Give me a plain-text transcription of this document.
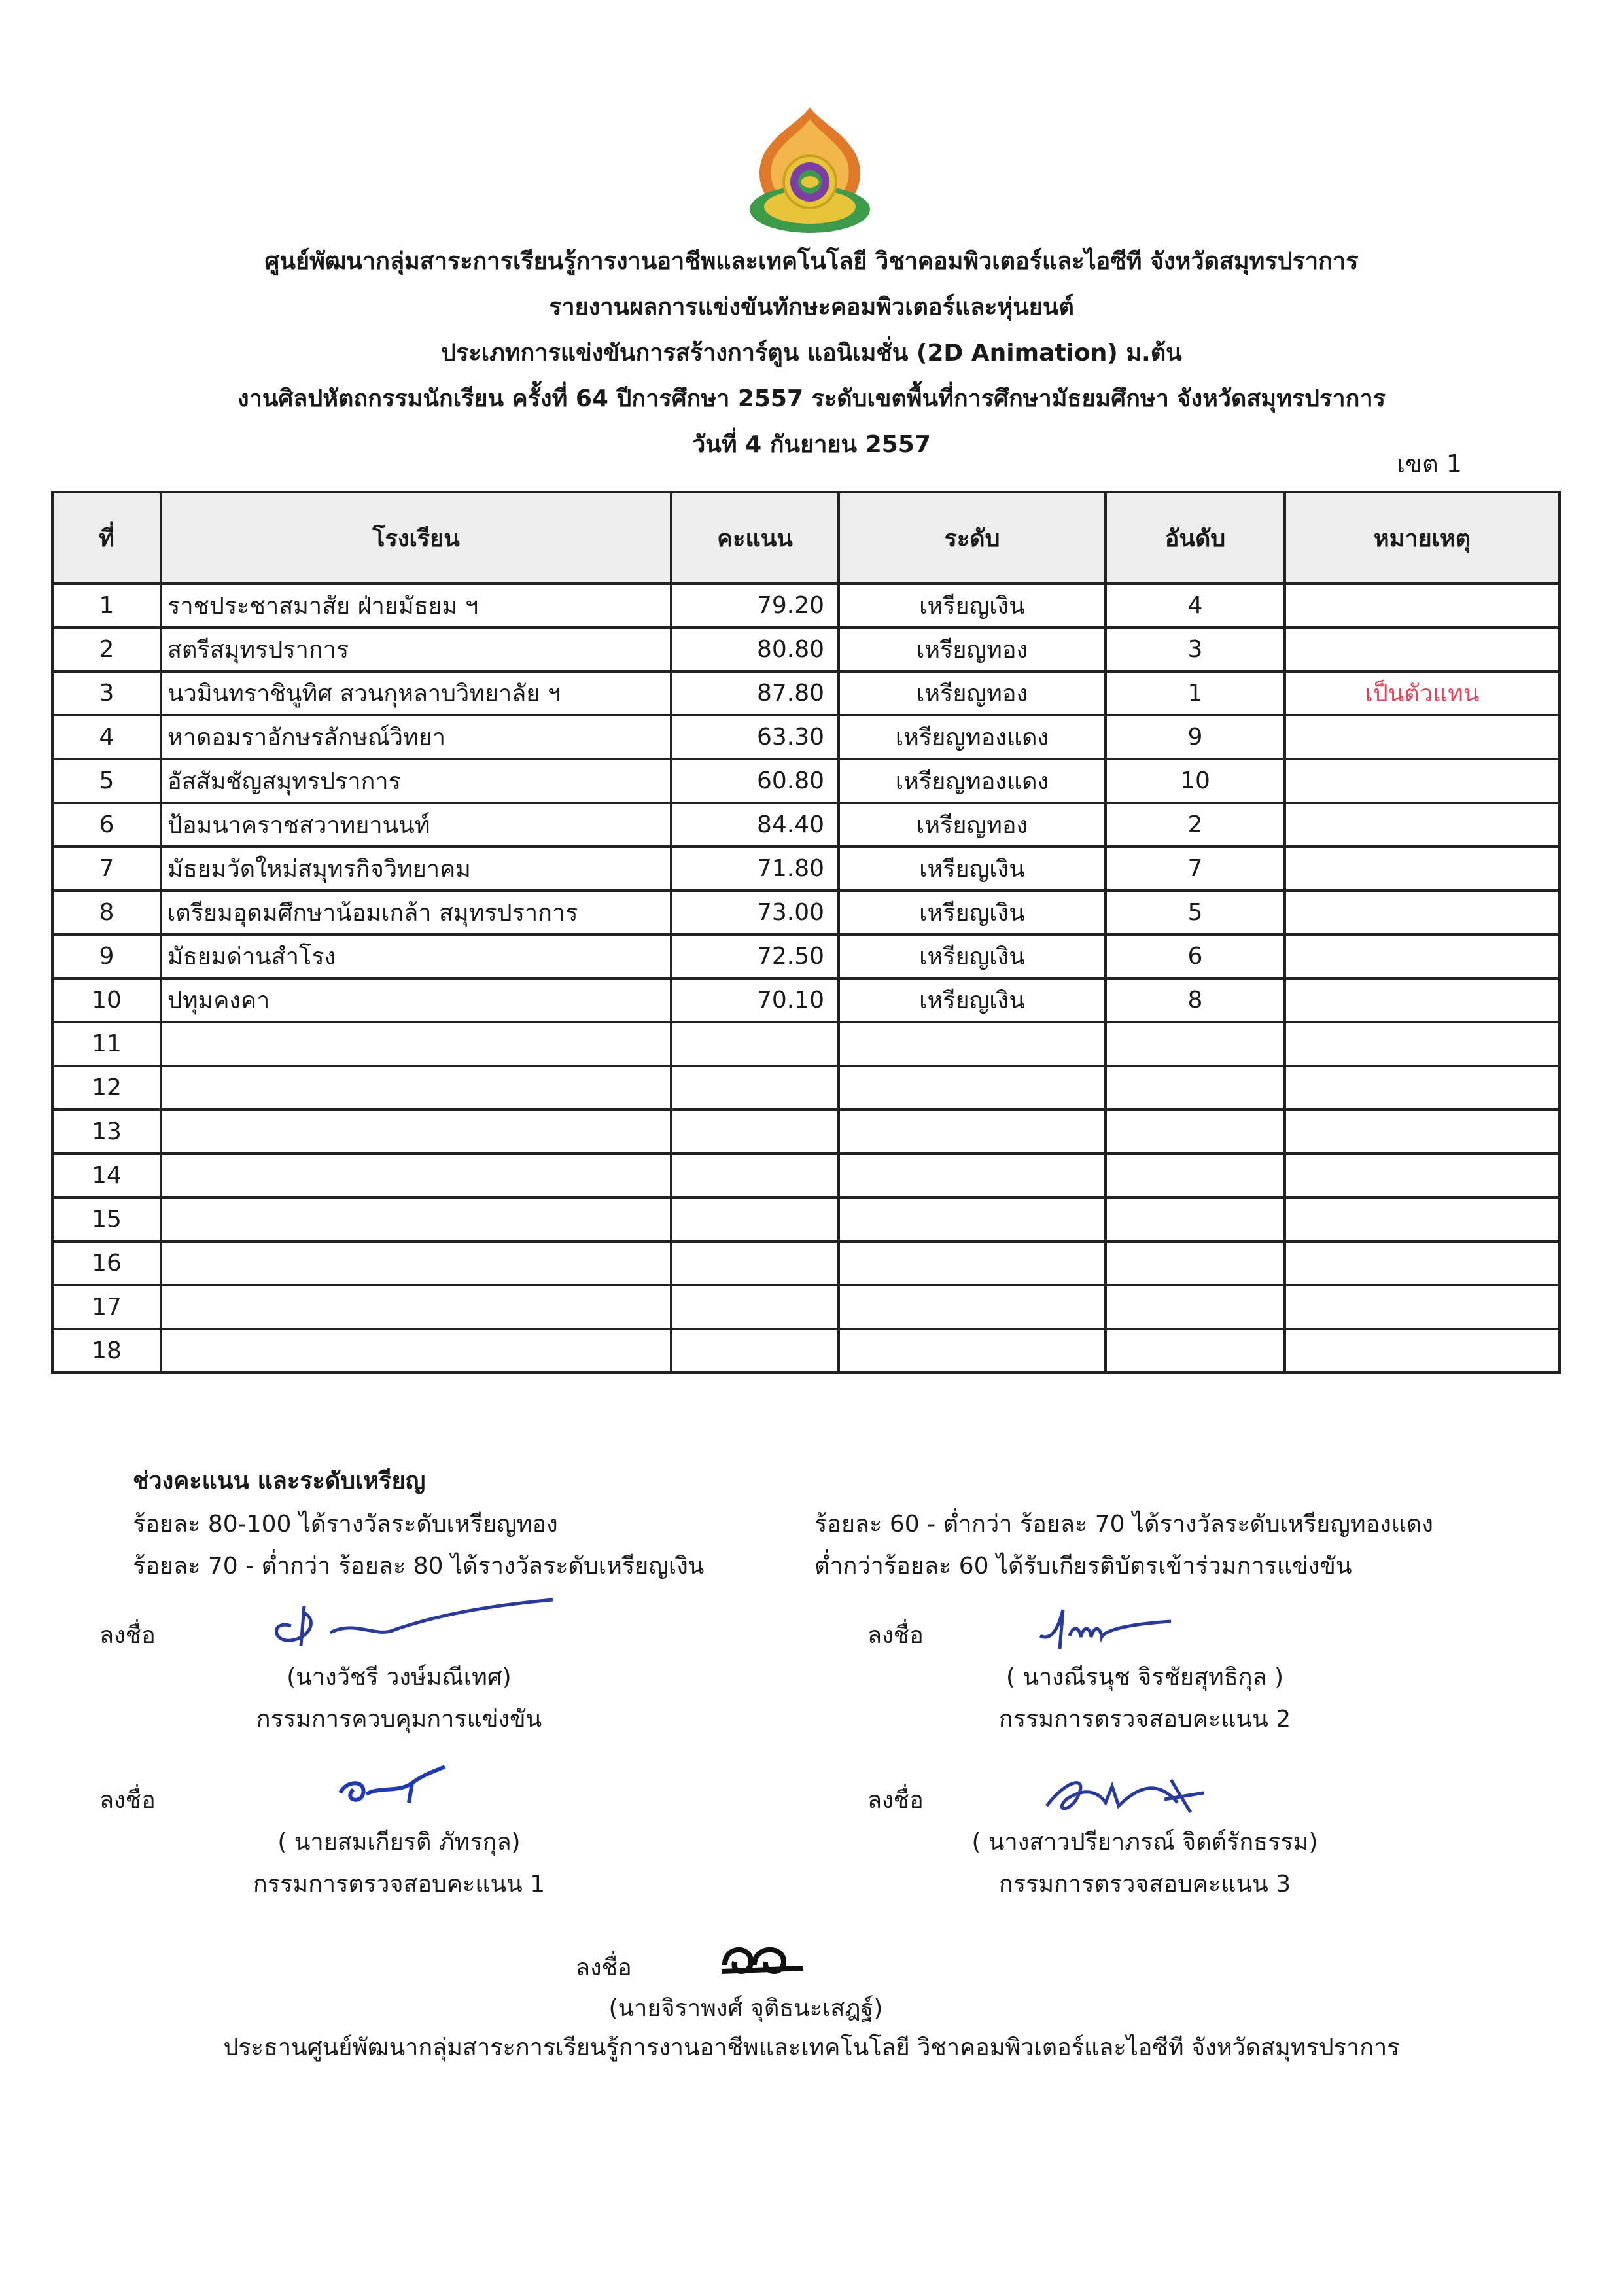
ศูนย์พัฒนากลุ่มสาระการเรียนรู้การงานอาชีพและเทคโนโลยี วิชาคอมพิวเตอร์และไอซีที จังหวัดสมุทรปราการ
รายงานผลการแข่งขันทักษะคอมพิวเตอร์และหุ่นยนต์
ประเภทการแข่งขันการสร้างการ์ตูน แอนิเมชั่น (2D Animation) ม.ต้น
งานศิลปหัตถกรรมนักเรียน ครั้งที่ 64 ปีการศึกษา 2557 ระดับเขตพื้นที่การศึกษามัธยมศึกษา จังหวัดสมุทรปราการ
วันที่ 4 กันยายน 2557
เขต 1
ที่	โรงเรียน	คะแนน	ระดับ	อันดับ	หมายเหตุ
1	ราชประชาสมาสัย ฝ่ายมัธยม ฯ	79.20	เหรียญเงิน	4	
2	สตรีสมุทรปราการ	80.80	เหรียญทอง	3	
3	นวมินทราชินูทิศ สวนกุหลาบวิทยาลัย ฯ	87.80	เหรียญทอง	1	เป็นตัวแทน
4	หาดอมราอักษรลักษณ์วิทยา	63.30	เหรียญทองแดง	9	
5	อัสสัมชัญสมุทรปราการ	60.80	เหรียญทองแดง	10	
6	ป้อมนาคราชสวาทยานนท์	84.40	เหรียญทอง	2	
7	มัธยมวัดใหม่สมุทรกิจวิทยาคม	71.80	เหรียญเงิน	7	
8	เตรียมอุดมศึกษาน้อมเกล้า สมุทรปราการ	73.00	เหรียญเงิน	5	
9	มัธยมด่านสำโรง	72.50	เหรียญเงิน	6	
10	ปทุมคงคา	70.10	เหรียญเงิน	8	
11					
12					
13					
14					
15					
16					
17					
18					
ช่วงคะแนน และระดับเหรียญ
ร้อยละ 80-100 ได้รางวัลระดับเหรียญทอง
ร้อยละ 70 - ต่ำกว่า ร้อยละ 80 ได้รางวัลระดับเหรียญเงิน
ร้อยละ 60 - ต่ำกว่า ร้อยละ 70 ได้รางวัลระดับเหรียญทองแดง
ต่ำกว่าร้อยละ 60 ได้รับเกียรติบัตรเข้าร่วมการแข่งขัน
ลงชื่อ
(นางวัชรี วงษ์มณีเทศ)
กรรมการควบคุมการแข่งขัน
ลงชื่อ
( นางณีรนุช จิรชัยสุทธิกุล )
กรรมการตรวจสอบคะแนน 2
ลงชื่อ
( นายสมเกียรติ ภัทรกุล)
กรรมการตรวจสอบคะแนน 1
ลงชื่อ
( นางสาวปรียาภรณ์ จิตต์รักธรรม)
กรรมการตรวจสอบคะแนน 3
ลงชื่อ
(นายจิราพงศ์ จุติธนะเสฎฐ์)
ประธานศูนย์พัฒนากลุ่มสาระการเรียนรู้การงานอาชีพและเทคโนโลยี วิชาคอมพิวเตอร์และไอซีที จังหวัดสมุทรปราการ
